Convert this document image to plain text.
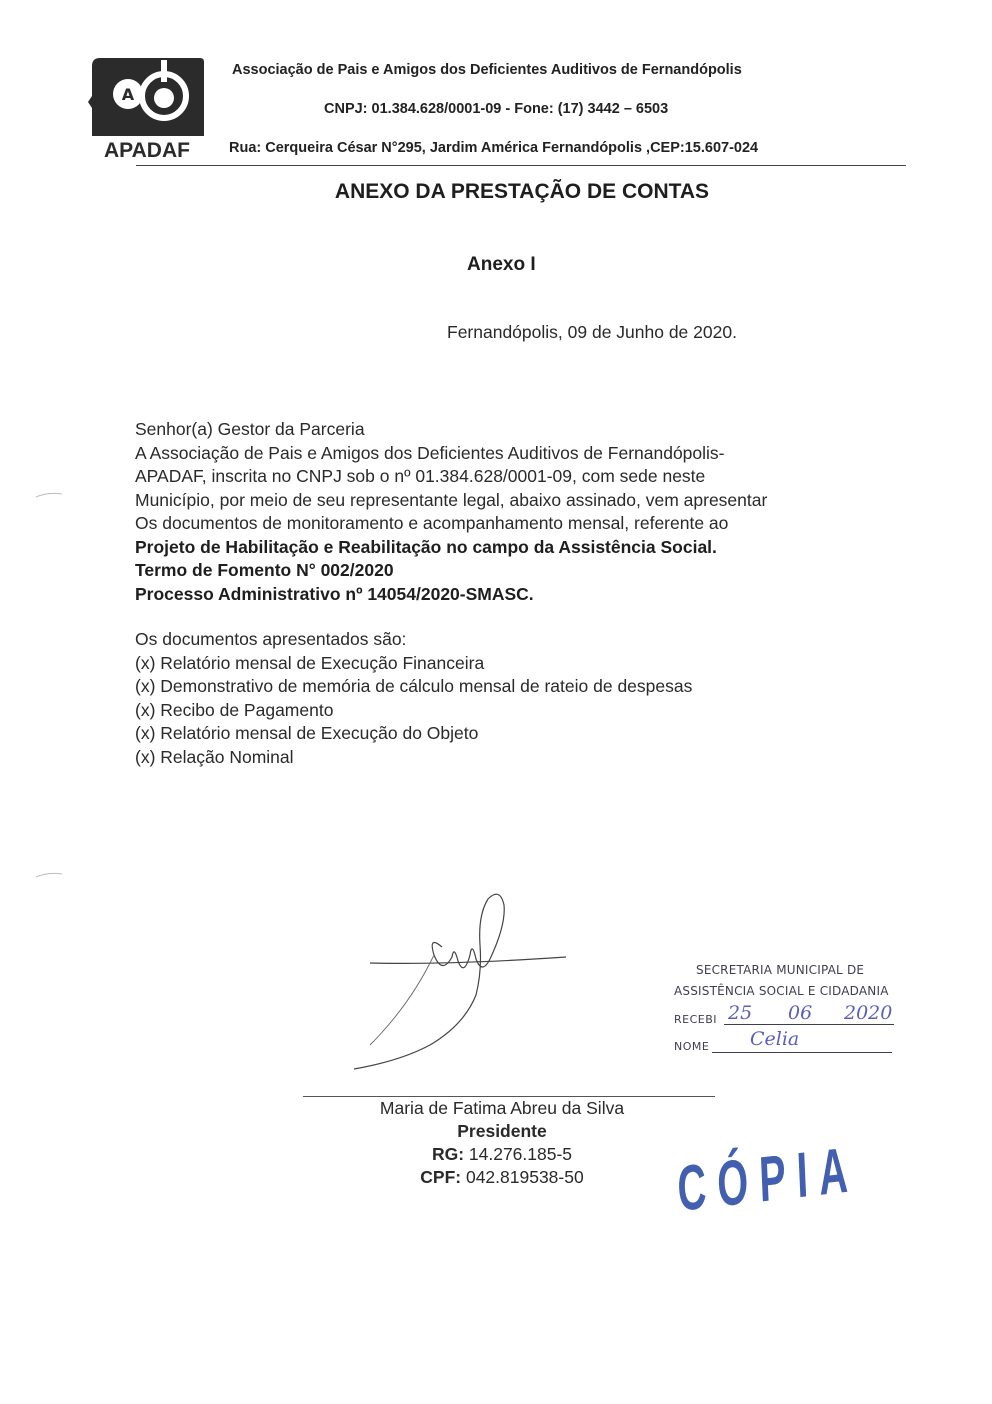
A
APADAF
Associação de Pais e Amigos dos Deficientes Auditivos de Fernandópolis
CNPJ: 01.384.628/0001-09 - Fone: (17) 3442 – 6503
Rua: Cerqueira César N°295, Jardim América Fernandópolis ,CEP:15.607-024
ANEXO DA PRESTAÇÃO DE CONTAS
Anexo I
Fernandópolis, 09 de Junho de 2020.
Senhor(a) Gestor da Parceria
A Associação de Pais e Amigos dos Deficientes Auditivos de Fernandópolis-
APADAF, inscrita no CNPJ sob o nº 01.384.628/0001-09, com sede neste
Município, por meio de seu representante legal, abaixo assinado, vem apresentar
Os documentos de monitoramento e acompanhamento mensal, referente ao
Projeto de Habilitação e Reabilitação no campo da Assistência Social.
Termo de Fomento N° 002/2020
Processo Administrativo nº 14054/2020-SMASC.
Os documentos apresentados são:
(x) Relatório mensal de Execução Financeira
(x) Demonstrativo de memória de cálculo mensal de rateio de despesas
(x) Recibo de Pagamento
(x) Relatório mensal de Execução do Objeto
(x) Relação Nominal
Maria de Fatima Abreu da Silva
Presidente
RG: 14.276.185-5
CPF: 042.819538-50
SECRETARIA MUNICIPAL DE
ASSISTÊNCIA SOCIAL E CIDADANIA
RECEBI 25 06 2020
NOME Celia
CÓPIA
